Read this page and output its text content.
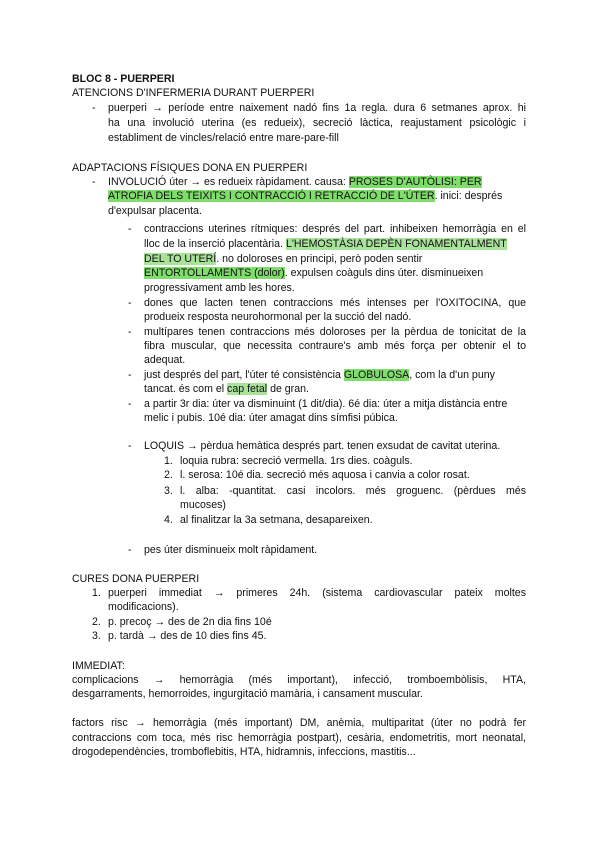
BLOC 8 - PUERPERI
ATENCIONS D'INFERMERIA DURANT PUERPERI
- puerperi → període entre naixement nadó fins 1a regla. dura 6 setmanes aprox. hi
ha una involució uterina (es redueix), secreció làctica, reajustament psicològic i
establiment de vincles/relació entre mare-pare-fill
ADAPTACIONS FÍSIQUES DONA EN PUERPERI
- INVOLUCIÓ úter → es redueix ràpidament. causa: PROSES D'AUTÒLISI: PER
ATROFIA DELS TEIXITS I CONTRACCIÓ I RETRACCIÓ DE L'ÚTER. inici: després
d'expulsar placenta.
- contraccions uterines rítmiques: després del part. inhibeixen hemorràgia en el
lloc de la inserció placentària. L'HEMOSTÀSIA DEPÈN FONAMENTALMENT
DEL TO UTERÍ. no doloroses en principi, però poden sentir
ENTORTOLLAMENTS (dolor). expulsen coàguls dins úter. disminueixen
progressivament amb les hores.
- dones que lacten tenen contraccions més intenses per l'OXITOCINA, que
produeix resposta neurohormonal per la succió del nadó.
- multípares tenen contraccions més doloroses per la pèrdua de tonicitat de la
fibra muscular, que necessita contraure's amb més força per obtenir el to
adequat.
- just després del part, l'úter té consistència GLOBULOSA, com la d'un puny
tancat. és com el cap fetal de gran.
- a partir 3r dia: úter va disminuint (1 dit/dia). 6é dia: úter a mitja distància entre
melic i pubis. 10é dia: úter amagat dins símfisi púbica.
- LOQUIS → pèrdua hemàtica després part. tenen exsudat de cavitat uterina.
1. loquia rubra: secreció vermella. 1rs dies. coàguls.
2. l. serosa: 10é dia. secreció més aquosa i canvia a color rosat.
3. l. alba: -quantitat. casi incolors. més groguenc. (pèrdues més
mucoses)
4. al finalitzar la 3a setmana, desapareixen.
- pes úter disminueix molt ràpidament.
CURES DONA PUERPERI
1. puerperi immediat → primeres 24h. (sistema cardiovascular pateix moltes
modificacions).
2. p. precoç → des de 2n dia fins 10é
3. p. tardà → des de 10 dies fins 45.
IMMEDIAT:
complicacions → hemorràgia (més important), infecció, tromboembòlisis, HTA,
desgarraments, hemorroides, ingurgitació mamària, i cansament muscular.
factors risc → hemorràgia (més important) DM, anèmia, multiparitat (úter no podrà fer
contraccions com toca, més risc hemorràgia postpart), cesària, endometritis, mort neonatal,
drogodependències, tromboflebitis, HTA, hidramnis, infeccions, mastitis...
